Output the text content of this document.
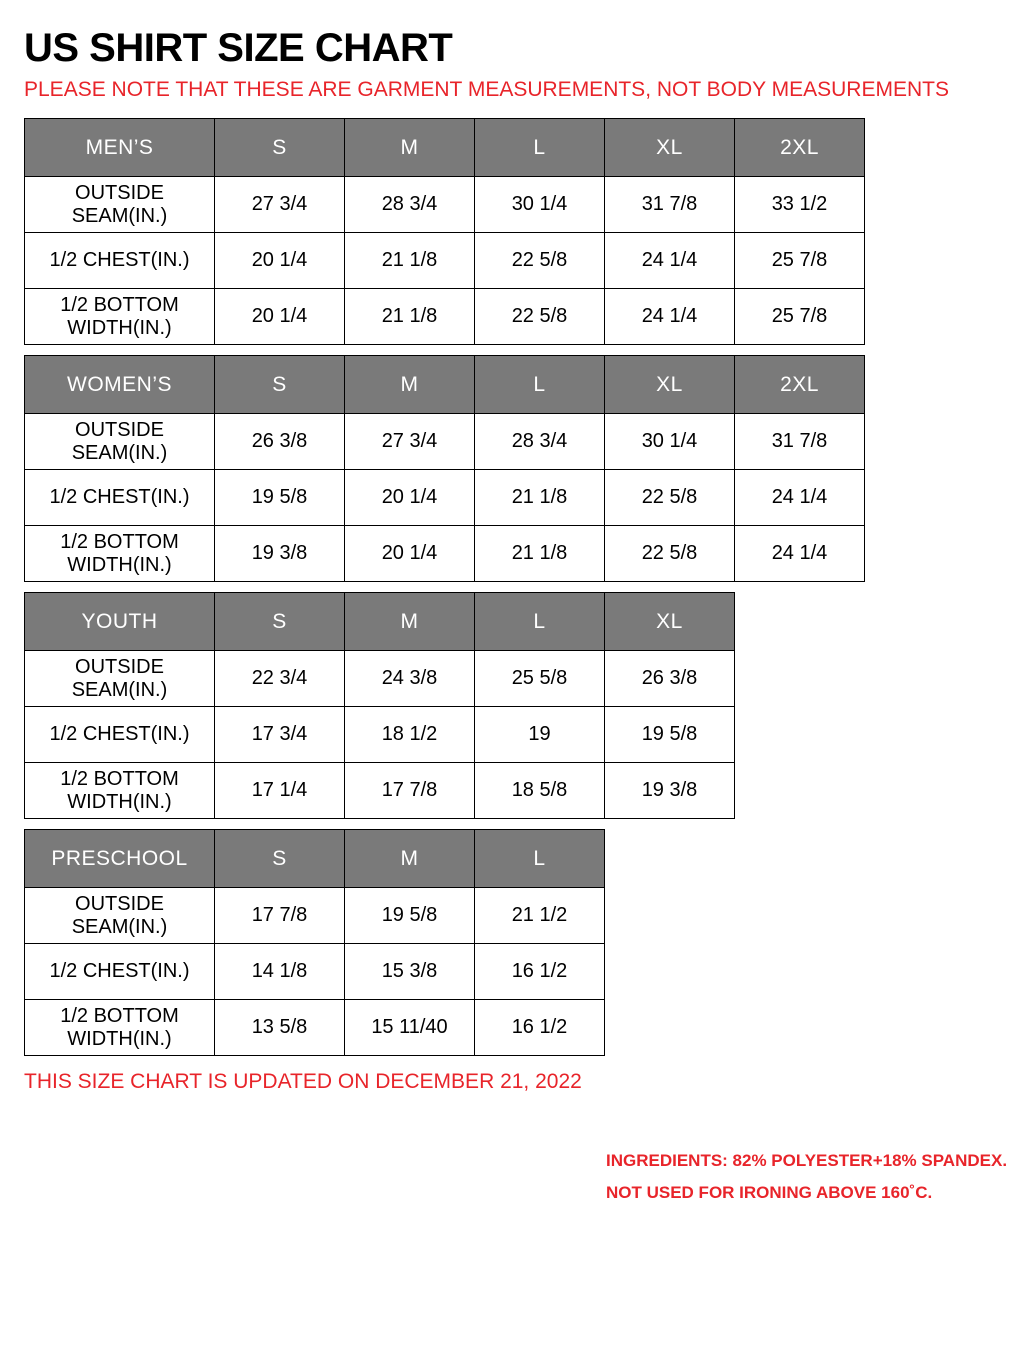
US SHIRT SIZE CHART

PLEASE NOTE THAT THESE ARE GARMENT MEASUREMENTS, NOT BODY MEASUREMENTS

MEN’S	S	M	L	XL	2XL
OUTSIDE SEAM(IN.)	27 3/4	28 3/4	30 1/4	31 7/8	33 1/2
1/2 CHEST(IN.)	20 1/4	21 1/8	22 5/8	24 1/4	25 7/8
1/2 BOTTOM WIDTH(IN.)	20 1/4	21 1/8	22 5/8	24 1/4	25 7/8
WOMEN’S	S	M	L	XL	2XL
OUTSIDE SEAM(IN.)	26 3/8	27 3/4	28 3/4	30 1/4	31 7/8
1/2 CHEST(IN.)	19 5/8	20 1/4	21 1/8	22 5/8	24 1/4
1/2 BOTTOM WIDTH(IN.)	19 3/8	20 1/4	21 1/8	22 5/8	24 1/4
YOUTH	S	M	L	XL
OUTSIDE SEAM(IN.)	22 3/4	24 3/8	25 5/8	26 3/8
1/2 CHEST(IN.)	17 3/4	18 1/2	19	19 5/8
1/2 BOTTOM WIDTH(IN.)	17 1/4	17 7/8	18 5/8	19 3/8
PRESCHOOL	S	M	L
OUTSIDE SEAM(IN.)	17 7/8	19 5/8	21 1/2
1/2 CHEST(IN.)	14 1/8	15 3/8	16 1/2
1/2 BOTTOM WIDTH(IN.)	13 5/8	15 11/40	16 1/2

THIS SIZE CHART IS UPDATED ON DECEMBER 21, 2022

INGREDIENTS: 82% POLYESTER+18% SPANDEX.
NOT USED FOR IRONING ABOVE 160˚C.
